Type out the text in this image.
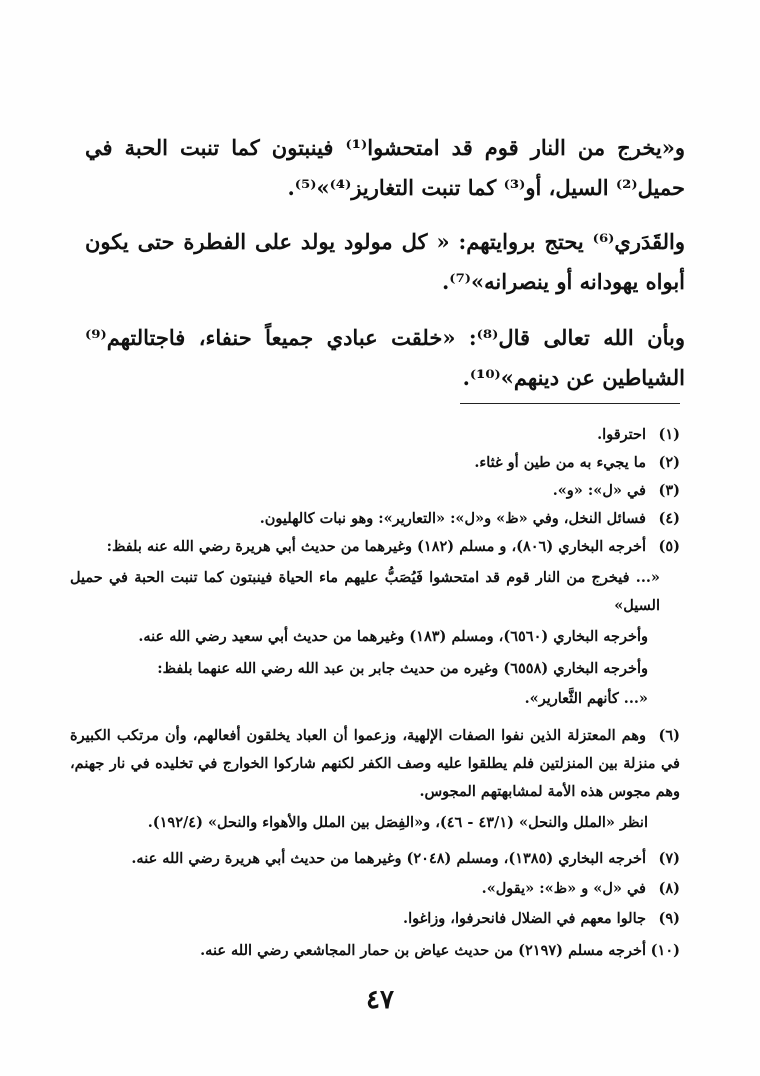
و«يخرج من النار قوم قد امتحشوا⁽¹⁾ فينبتون كما تنبت الحبة في حميل⁽²⁾ السيل، أو⁽³⁾ كما تنبت التغاريز⁽⁴⁾»⁽⁵⁾.
والقَدَري⁽⁶⁾ يحتج بروايتهم: « كل مولود يولد على الفطرة حتى يكون أبواه يهودانه أو ينصرانه»⁽⁷⁾.
وبأن الله تعالى قال⁽⁸⁾: «خلقت عبادي جميعاً حنفاء، فاجتالتهم⁽⁹⁾ الشياطين عن دينهم»⁽¹⁰⁾.
(١)احترقوا.
(٢)ما يجيء به من طين أو غثاء.
(٣)في «ل»: «و».
(٤)فسائل النخل، وفي «ظ» و«ل»: «التعارير»: وهو نبات كالهليون.
(٥)أخرجه البخاري (٨٠٦)، و مسلم (١٨٢) وغيرهما من حديث أبي هريرة رضي الله عنه بلفظ:
«... فيخرج من النار قوم قد امتحشوا فَيُصَبُّ عليهم ماء الحياة فينبتون كما تنبت الحبة في حميل السيل»
وأخرجه البخاري (٦٥٦٠)، ومسلم (١٨٣) وغيرهما من حديث أبي سعيد رضي الله عنه.
وأخرجه البخاري (٦٥٥٨) وغيره من حديث جابر بن عبد الله رضي الله عنهما بلفظ:
«... كأنهم الثَّعارير».
(٦)وهم المعتزلة الذين نفوا الصفات الإلهية، وزعموا أن العباد يخلقون أفعالهم، وأن مرتكب الكبيرة في منزلة بين المنزلتين فلم يطلقوا عليه وصف الكفر لكنهم شاركوا الخوارج في تخليده في نار جهنم، وهم مجوس هذه الأمة لمشابهتهم المجوس.
انظر «الملل والنحل» (٤٣/١ - ٤٦)، و«الفِصَل بين الملل والأهواء والنحل» (١٩٢/٤).
(٧)أخرجه البخاري (١٣٨٥)، ومسلم (٢٠٤٨) وغيرهما من حديث أبي هريرة رضي الله عنه.
(٨)في «ل» و «ظ»: «يقول».
(٩)جالوا معهم في الضلال فانحرفوا، وزاغوا.
(١٠)أخرجه مسلم (٢١٩٧) من حديث عياض بن حمار المجاشعي رضي الله عنه.
٤٧
